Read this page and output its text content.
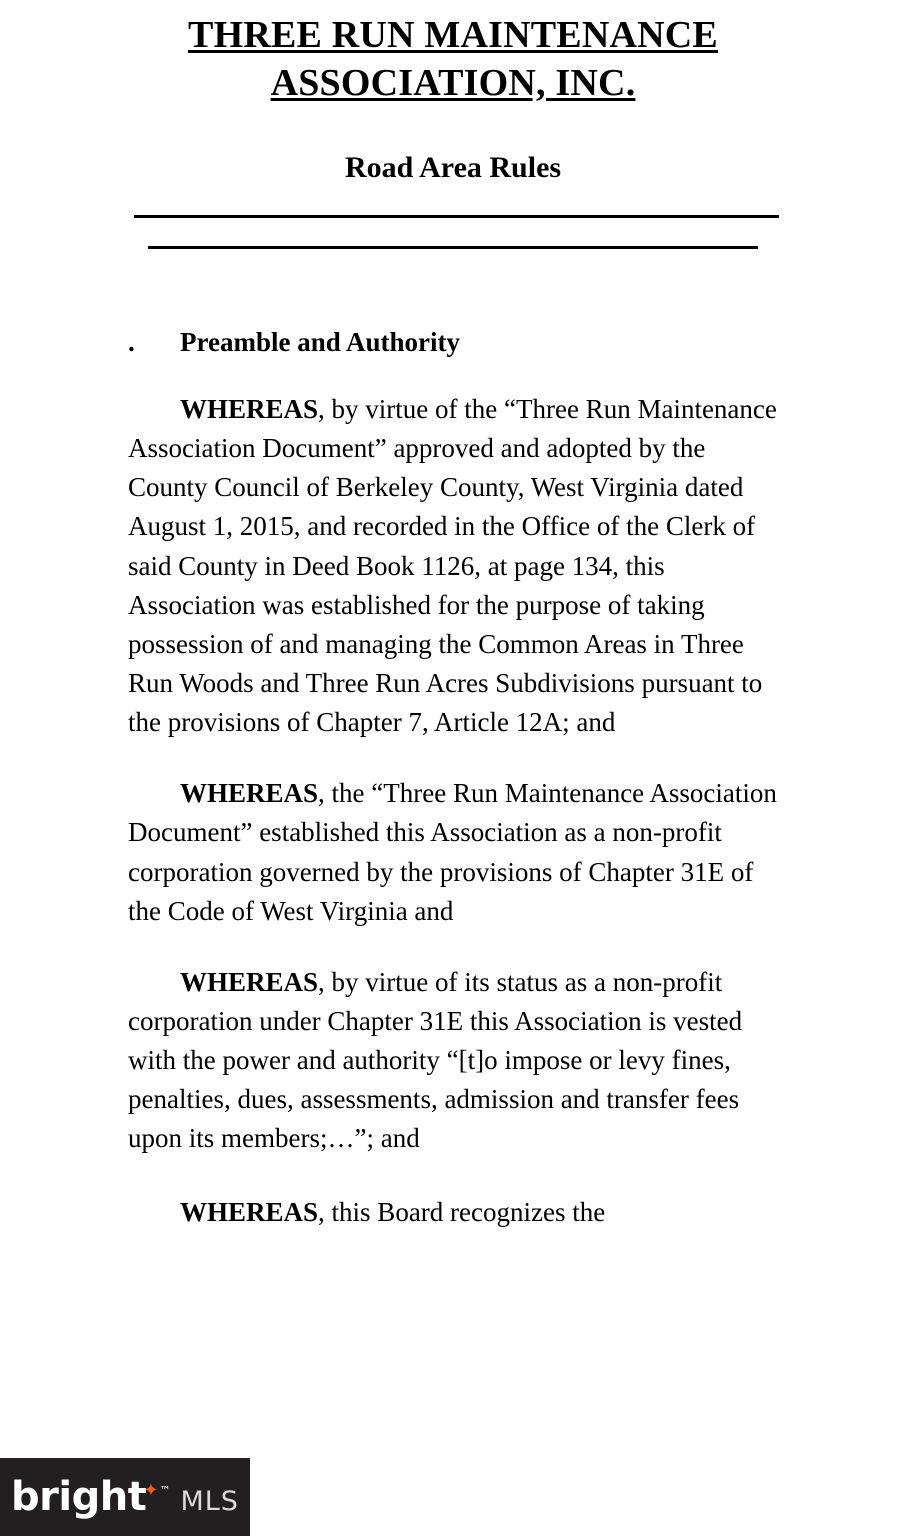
THREE RUN MAINTENANCE
ASSOCIATION, INC.
Road Area Rules
.	Preamble and Authority

WHEREAS, by virtue of the “Three Run Maintenance Association Document” approved and adopted by the County Council of Berkeley County, West Virginia dated August 1, 2015, and recorded in the Office of the Clerk of said County in Deed Book 1126, at page 134, this Association was established for the purpose of taking possession of and managing the Common Areas in Three Run Woods and Three Run Acres Subdivisions pursuant to the provisions of Chapter 7, Article 12A; and

WHEREAS, the “Three Run Maintenance Association Document” established this Association as a non-profit corporation governed by the provisions of Chapter 31E of the Code of West Virginia and

WHEREAS, by virtue of its status as a non-profit corporation under Chapter 31E this Association is vested with the power and authority “[t]o impose or levy fines, penalties, dues, assessments, admission and transfer fees upon its members;…”; and

WHEREAS, this Board recognizes the

bright
✦ ™ MLS
